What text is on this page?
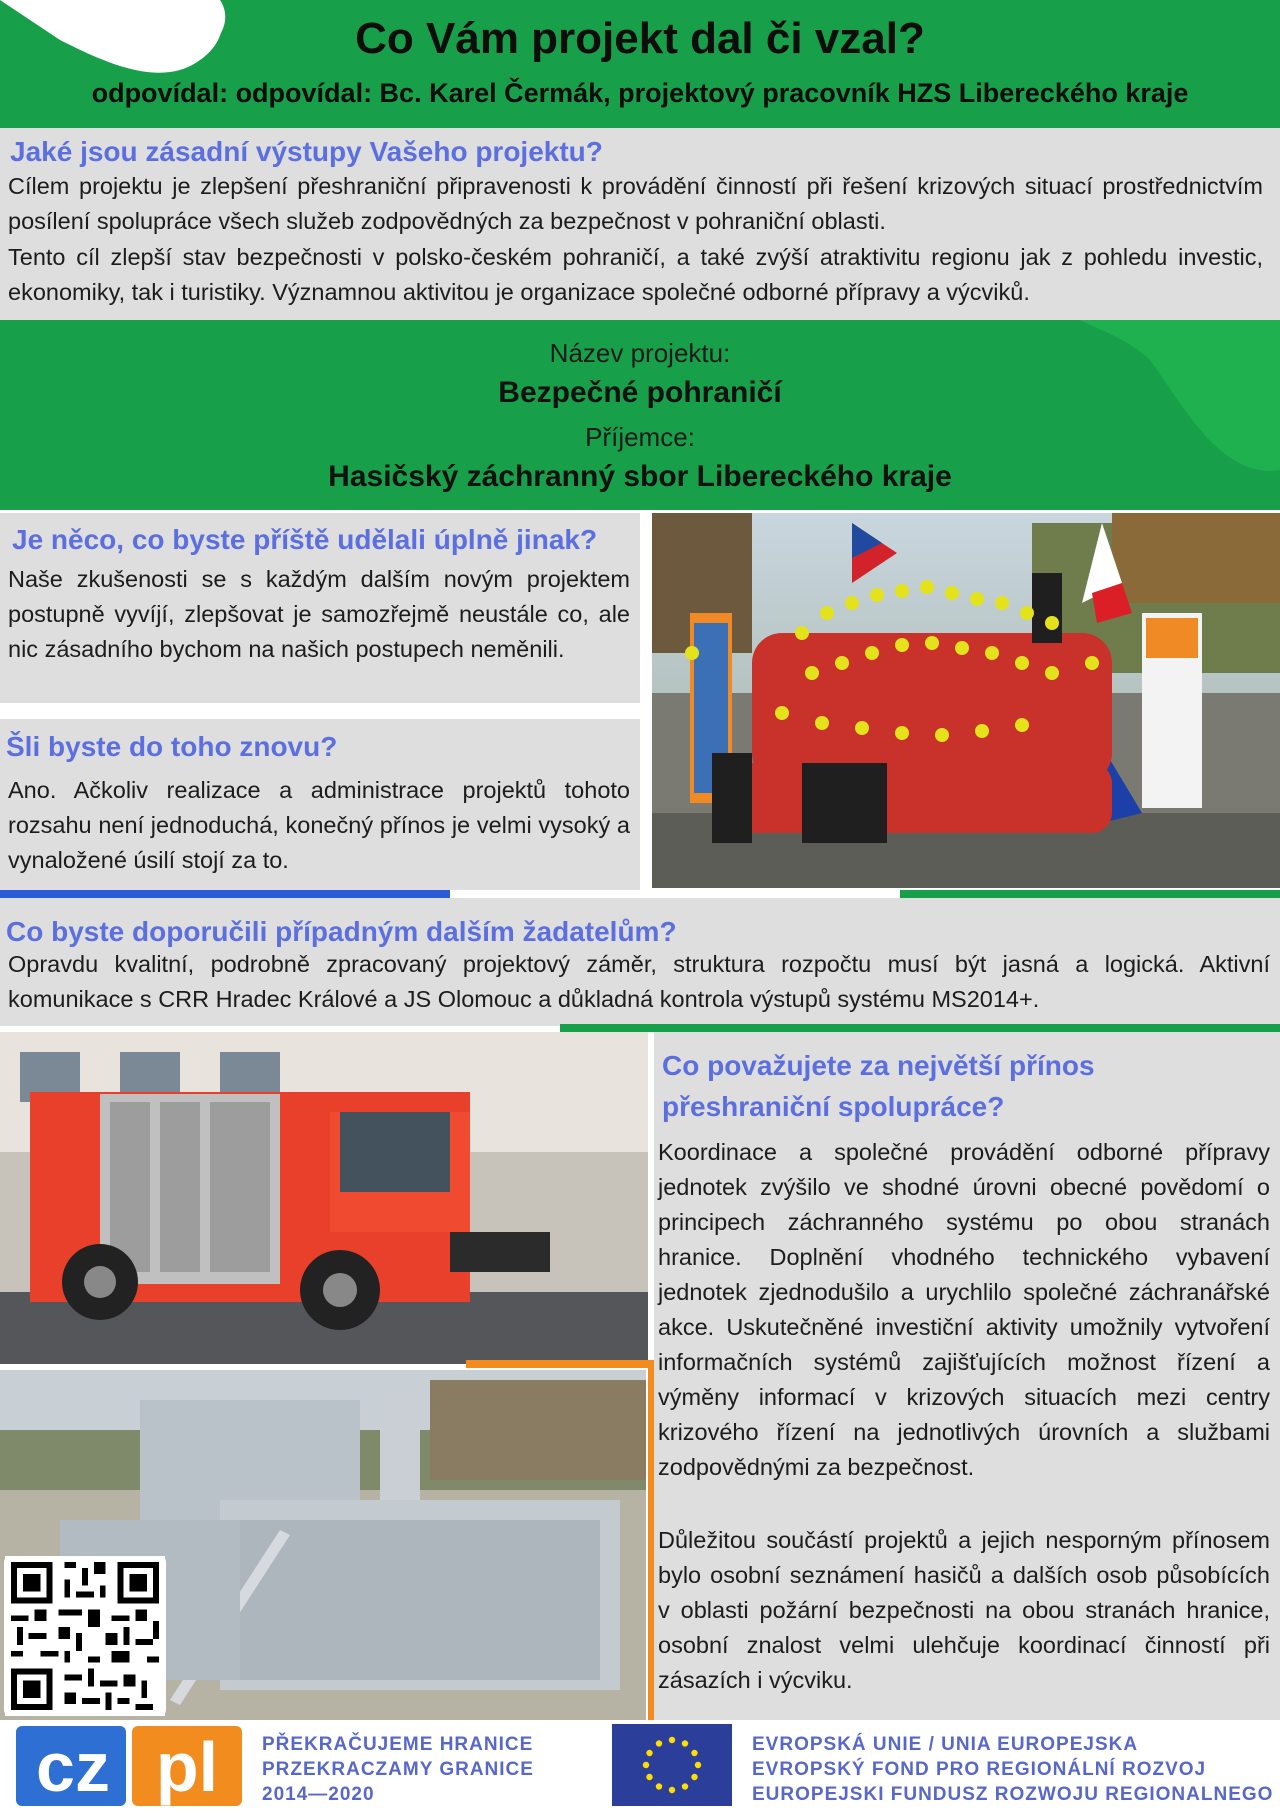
Co Vám projekt dal či vzal?
odpovídal: odpovídal: Bc. Karel Čermák, projektový pracovník HZS Libereckého kraje
Jaké jsou zásadní výstupy Vašeho projektu?
Cílem projektu je zlepšení přeshraniční připravenosti k provádění činností při řešení krizových situací prostřednictvím posílení spolupráce všech služeb zodpovědných za bezpečnost v pohraniční oblasti.
Tento cíl zlepší stav bezpečnosti v polsko-českém pohraničí, a také zvýší atraktivitu regionu jak z pohledu investic, ekonomiky, tak i turistiky. Významnou aktivitou je organizace společné odborné přípravy a výcviků.
Název projektu:
Bezpečné pohraničí
Příjemce:
Hasičský záchranný sbor Libereckého kraje
Je něco, co byste příště udělali úplně jinak?
Naše zkušenosti se s každým dalším novým projektem postupně vyvíjí, zlepšovat je samozřejmě neustále co, ale nic zásadního bychom na našich postupech neměnili.
Šli byste do toho znovu?
Ano. Ačkoliv realizace a administrace projektů tohoto rozsahu není jednoduchá, konečný přínos je velmi vysoký a vynaložené úsilí stojí za to.
Co byste doporučili případným dalším žadatelům?
Opravdu kvalitní, podrobně zpracovaný projektový záměr, struktura rozpočtu musí být jasná a logická. Aktivní komunikace s CRR Hradec Králové a JS Olomouc a důkladná kontrola výstupů systému MS2014+.
Co považujete za největší přínos
přeshraniční spolupráce?
Koordinace a společné provádění odborné přípravy jednotek zvýšilo ve shodné úrovni obecné povědomí o principech záchranného systému po obou stranách hranice. Doplnění vhodného technického vybavení jednotek zjednodušilo a urychlilo společné záchranářské akce. Uskutečněné investiční aktivity umožnily vytvoření informačních systémů zajišťujících možnost řízení a výměny informací v krizových situacích mezi centry krizového řízení na jednotlivých úrovních a službami zodpovědnými za bezpečnost.
Důležitou součástí projektů a jejich nesporným přínosem bylo osobní seznámení hasičů a dalších osob působících v oblasti požární bezpečnosti na obou stranách hranice, osobní znalost velmi ulehčuje koordinací činností při zásazích i výcviku.
cz pl	PŘEKRAČUJEME HRANICE
PRZEKRACZAMY GRANICE
2014—2020
EVROPSKÁ UNIE / UNIA EUROPEJSKA
EVROPSKÝ FOND PRO REGIONÁLNÍ ROZVOJ
EUROPEJSKI FUNDUSZ ROZWOJU REGIONALNEGO
